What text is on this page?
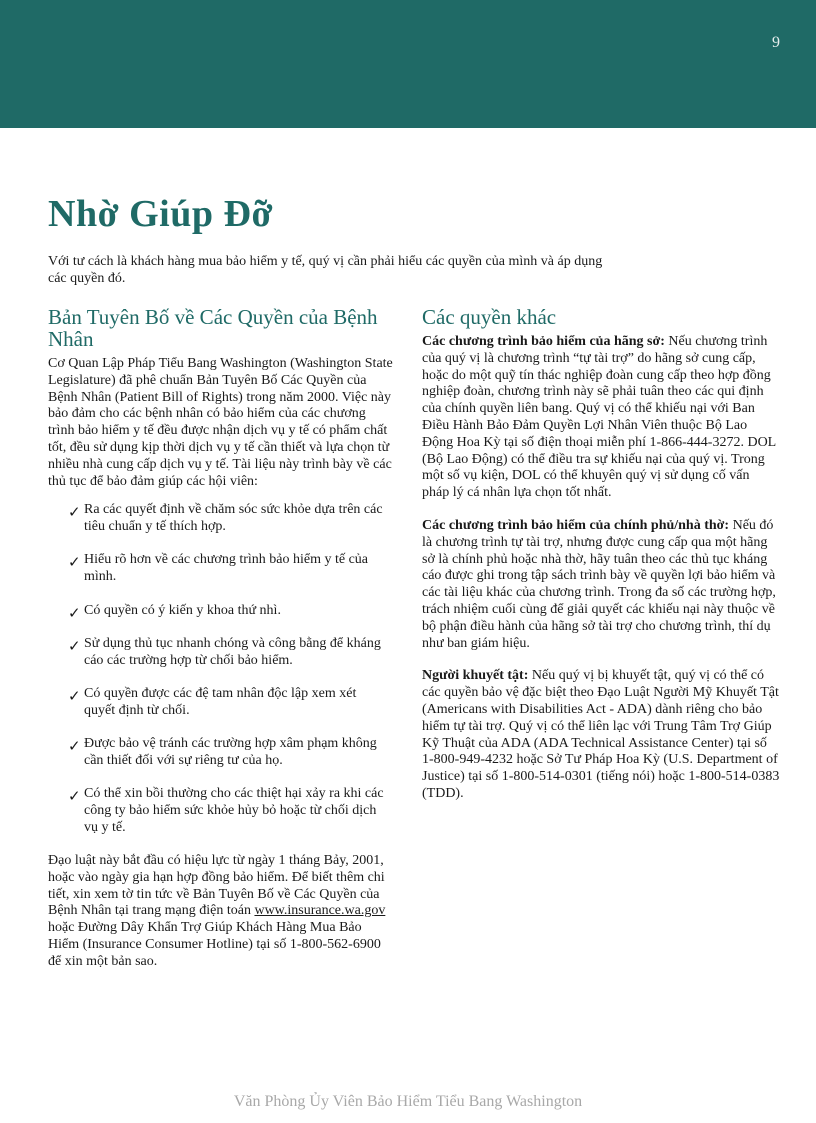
9
Nhờ Giúp Đỡ

Với tư cách là khách hàng mua bảo hiểm y tế, quý vị cần phải hiểu các quyền của mình và áp dụng các quyền đó.

Bản Tuyên Bố về Các Quyền của Bệnh Nhân

Cơ Quan Lập Pháp Tiểu Bang Washington (Washington State Legislature) đã phê chuẩn Bản Tuyên Bố Các Quyền của Bệnh Nhân (Patient Bill of Rights) trong năm 2000. Việc này bảo đảm cho các bệnh nhân có bảo hiểm của các chương trình bảo hiểm y tế đều được nhận dịch vụ y tế có phẩm chất tốt, đều sử dụng kịp thời dịch vụ y tế cần thiết và lựa chọn từ nhiều nhà cung cấp dịch vụ y tế. Tài liệu này trình bày về các thủ tục để bảo đảm giúp các hội viên:

✓ Ra các quyết định về chăm sóc sức khỏe dựa trên các tiêu chuẩn y tế thích hợp.
✓ Hiểu rõ hơn về các chương trình bảo hiểm y tế của mình.
✓ Có quyền có ý kiến y khoa thứ nhì.
✓ Sử dụng thủ tục nhanh chóng và công bằng để kháng cáo các trường hợp từ chối bảo hiểm.
✓ Có quyền được các đệ tam nhân độc lập xem xét quyết định từ chối.
✓ Được bảo vệ tránh các trường hợp xâm phạm không cần thiết đối với sự riêng tư của họ.
✓ Có thể xin bồi thường cho các thiệt hại xảy ra khi các công ty bảo hiểm sức khỏe hủy bỏ hoặc từ chối dịch vụ y tế.

Đạo luật này bắt đầu có hiệu lực từ ngày 1 tháng Bảy, 2001, hoặc vào ngày gia hạn hợp đồng bảo hiểm. Để biết thêm chi tiết, xin xem tờ tin tức về Bản Tuyên Bố về Các Quyền của Bệnh Nhân tại trang mạng điện toán www.insurance.wa.gov hoặc Đường Dây Khẩn Trợ Giúp Khách Hàng Mua Bảo Hiểm (Insurance Consumer Hotline) tại số 1-800-562-6900 để xin một bản sao.

Các quyền khác

Các chương trình bảo hiểm của hãng sở: Nếu chương trình của quý vị là chương trình “tự tài trợ” do hãng sở cung cấp, hoặc do một quỹ tín thác nghiệp đoàn cung cấp theo hợp đồng nghiệp đoàn, chương trình này sẽ phải tuân theo các qui định của chính quyền liên bang. Quý vị có thể khiếu nại với Ban Điều Hành Bảo Đảm Quyền Lợi Nhân Viên thuộc Bộ Lao Động Hoa Kỳ tại số điện thoại miễn phí 1-866-444-3272. DOL (Bộ Lao Động) có thể điều tra sự khiếu nại của quý vị. Trong một số vụ kiện, DOL có thể khuyên quý vị sử dụng cố vấn pháp lý cá nhân lựa chọn tốt nhất.

Các chương trình bảo hiểm của chính phủ/nhà thờ: Nếu đó là chương trình tự tài trợ, nhưng được cung cấp qua một hãng sở là chính phủ hoặc nhà thờ, hãy tuân theo các thủ tục kháng cáo được ghi trong tập sách trình bày về quyền lợi bảo hiểm và các tài liệu khác của chương trình. Trong đa số các trường hợp, trách nhiệm cuối cùng để giải quyết các khiếu nại này thuộc về bộ phận điều hành của hãng sở tài trợ cho chương trình, thí dụ như ban giám hiệu.

Người khuyết tật: Nếu quý vị bị khuyết tật, quý vị có thể có các quyền bảo vệ đặc biệt theo Đạo Luật Người Mỹ Khuyết Tật (Americans with Disabilities Act - ADA) dành riêng cho bảo hiểm tự tài trợ. Quý vị có thể liên lạc với Trung Tâm Trợ Giúp Kỹ Thuật của ADA (ADA Technical Assistance Center) tại số 1-800-949-4232 hoặc Sở Tư Pháp Hoa Kỳ (U.S. Department of Justice) tại số 1-800-514-0301 (tiếng nói) hoặc 1-800-514-0383 (TDD).

Văn Phòng Ủy Viên Bảo Hiểm Tiểu Bang Washington
